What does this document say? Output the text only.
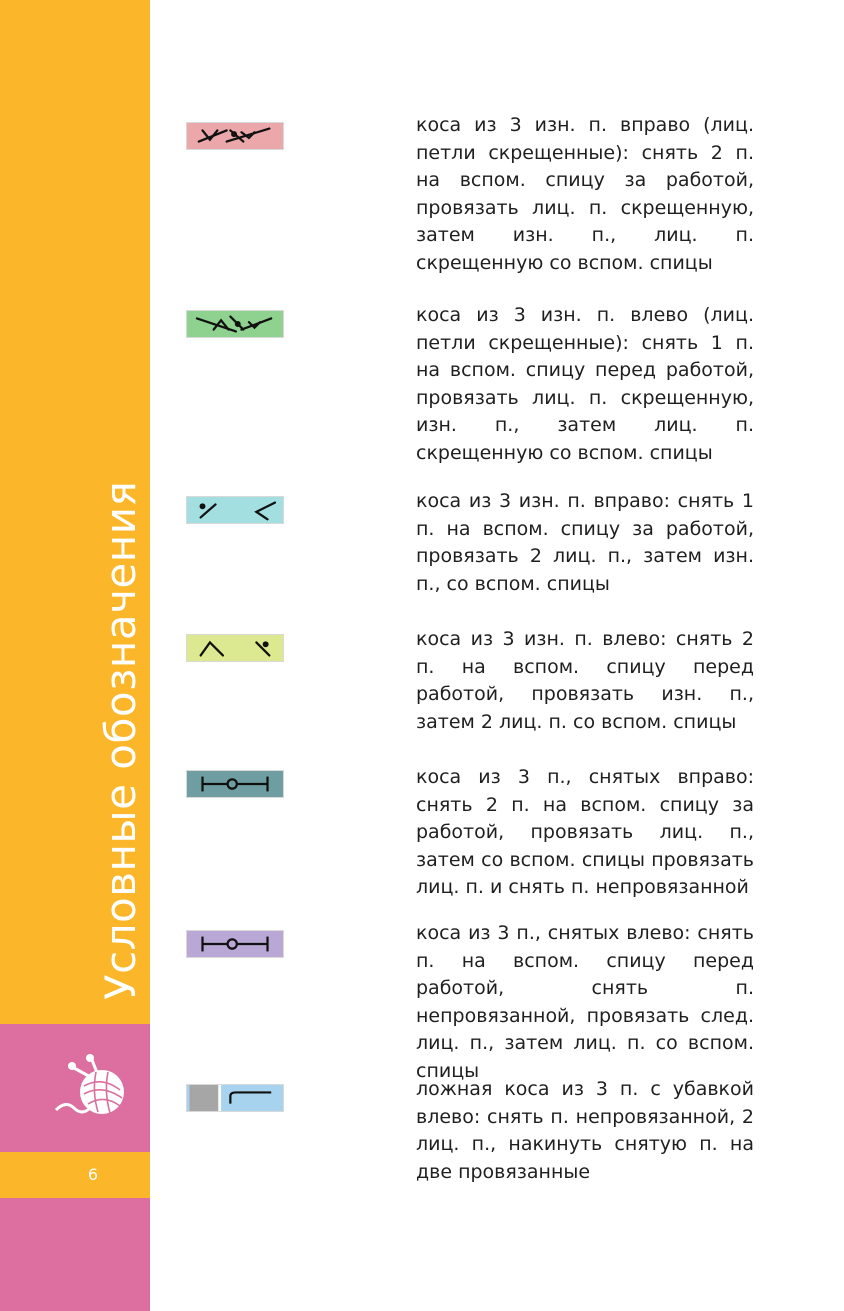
Условные обозначения
6
коса из 3 изн. п. вправо (лиц. петли скрещенные): снять 2 п. на вспом. спицу за работой, провязать лиц. п. скрещенную, затем изн. п., лиц. п. скрещенную со вспом. спицы
коса из 3 изн. п. влево (лиц. петли скрещенные): снять 1 п. на вспом. спицу перед работой, провязать лиц. п. скрещенную, изн. п., затем лиц. п. скрещенную со вспом. спицы
коса из 3 изн. п. вправо: снять 1 п. на вспом. спицу за работой, провязать 2 лиц. п., затем изн. п., со вспом. спицы
коса из 3 изн. п. влево: снять 2 п. на вспом. спицу перед работой, провязать изн. п., затем 2 лиц. п. со вспом. спицы
коса из 3 п., снятых вправо: снять 2 п. на вспом. спицу за работой, провязать лиц. п., затем со вспом. спицы провязать лиц. п. и снять п. непровязанной
коса из 3 п., снятых влево: снять п. на вспом. спицу перед работой, снять п. непровязанной, провязать след. лиц. п., затем лиц. п. со вспом. спицы
ложная коса из 3 п. с убавкой влево: снять п. непровязанной, 2 лиц. п., накинуть снятую п. на две провязанные
